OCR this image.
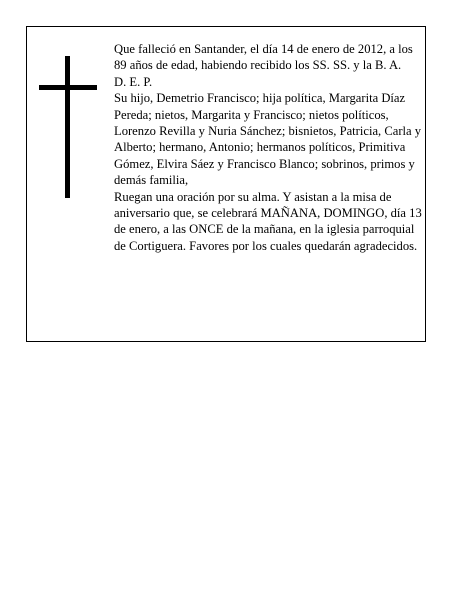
Que falleció en Santander, el día 14 de enero de 2012, a los 89 años de edad, habiendo recibido los SS. SS. y la B. A.

D. E. P.

Su hijo, Demetrio Francisco; hija política, Margarita Díaz Pereda; nietos, Margarita y Francisco; nietos políticos, Lorenzo Revilla y Nuria Sánchez; bisnietos, Patricia, Carla y Alberto; hermano, Antonio; hermanos políticos, Primitiva Gómez, Elvira Sáez y Francisco Blanco; sobrinos, primos y demás familia,

Ruegan una oración por su alma. Y asistan a la misa de aniversario que, se celebrará MAÑANA, DOMINGO, día 13 de enero, a las ONCE de la mañana, en la iglesia parroquial de Cortiguera. Favores por los cuales quedarán agradecidos.
